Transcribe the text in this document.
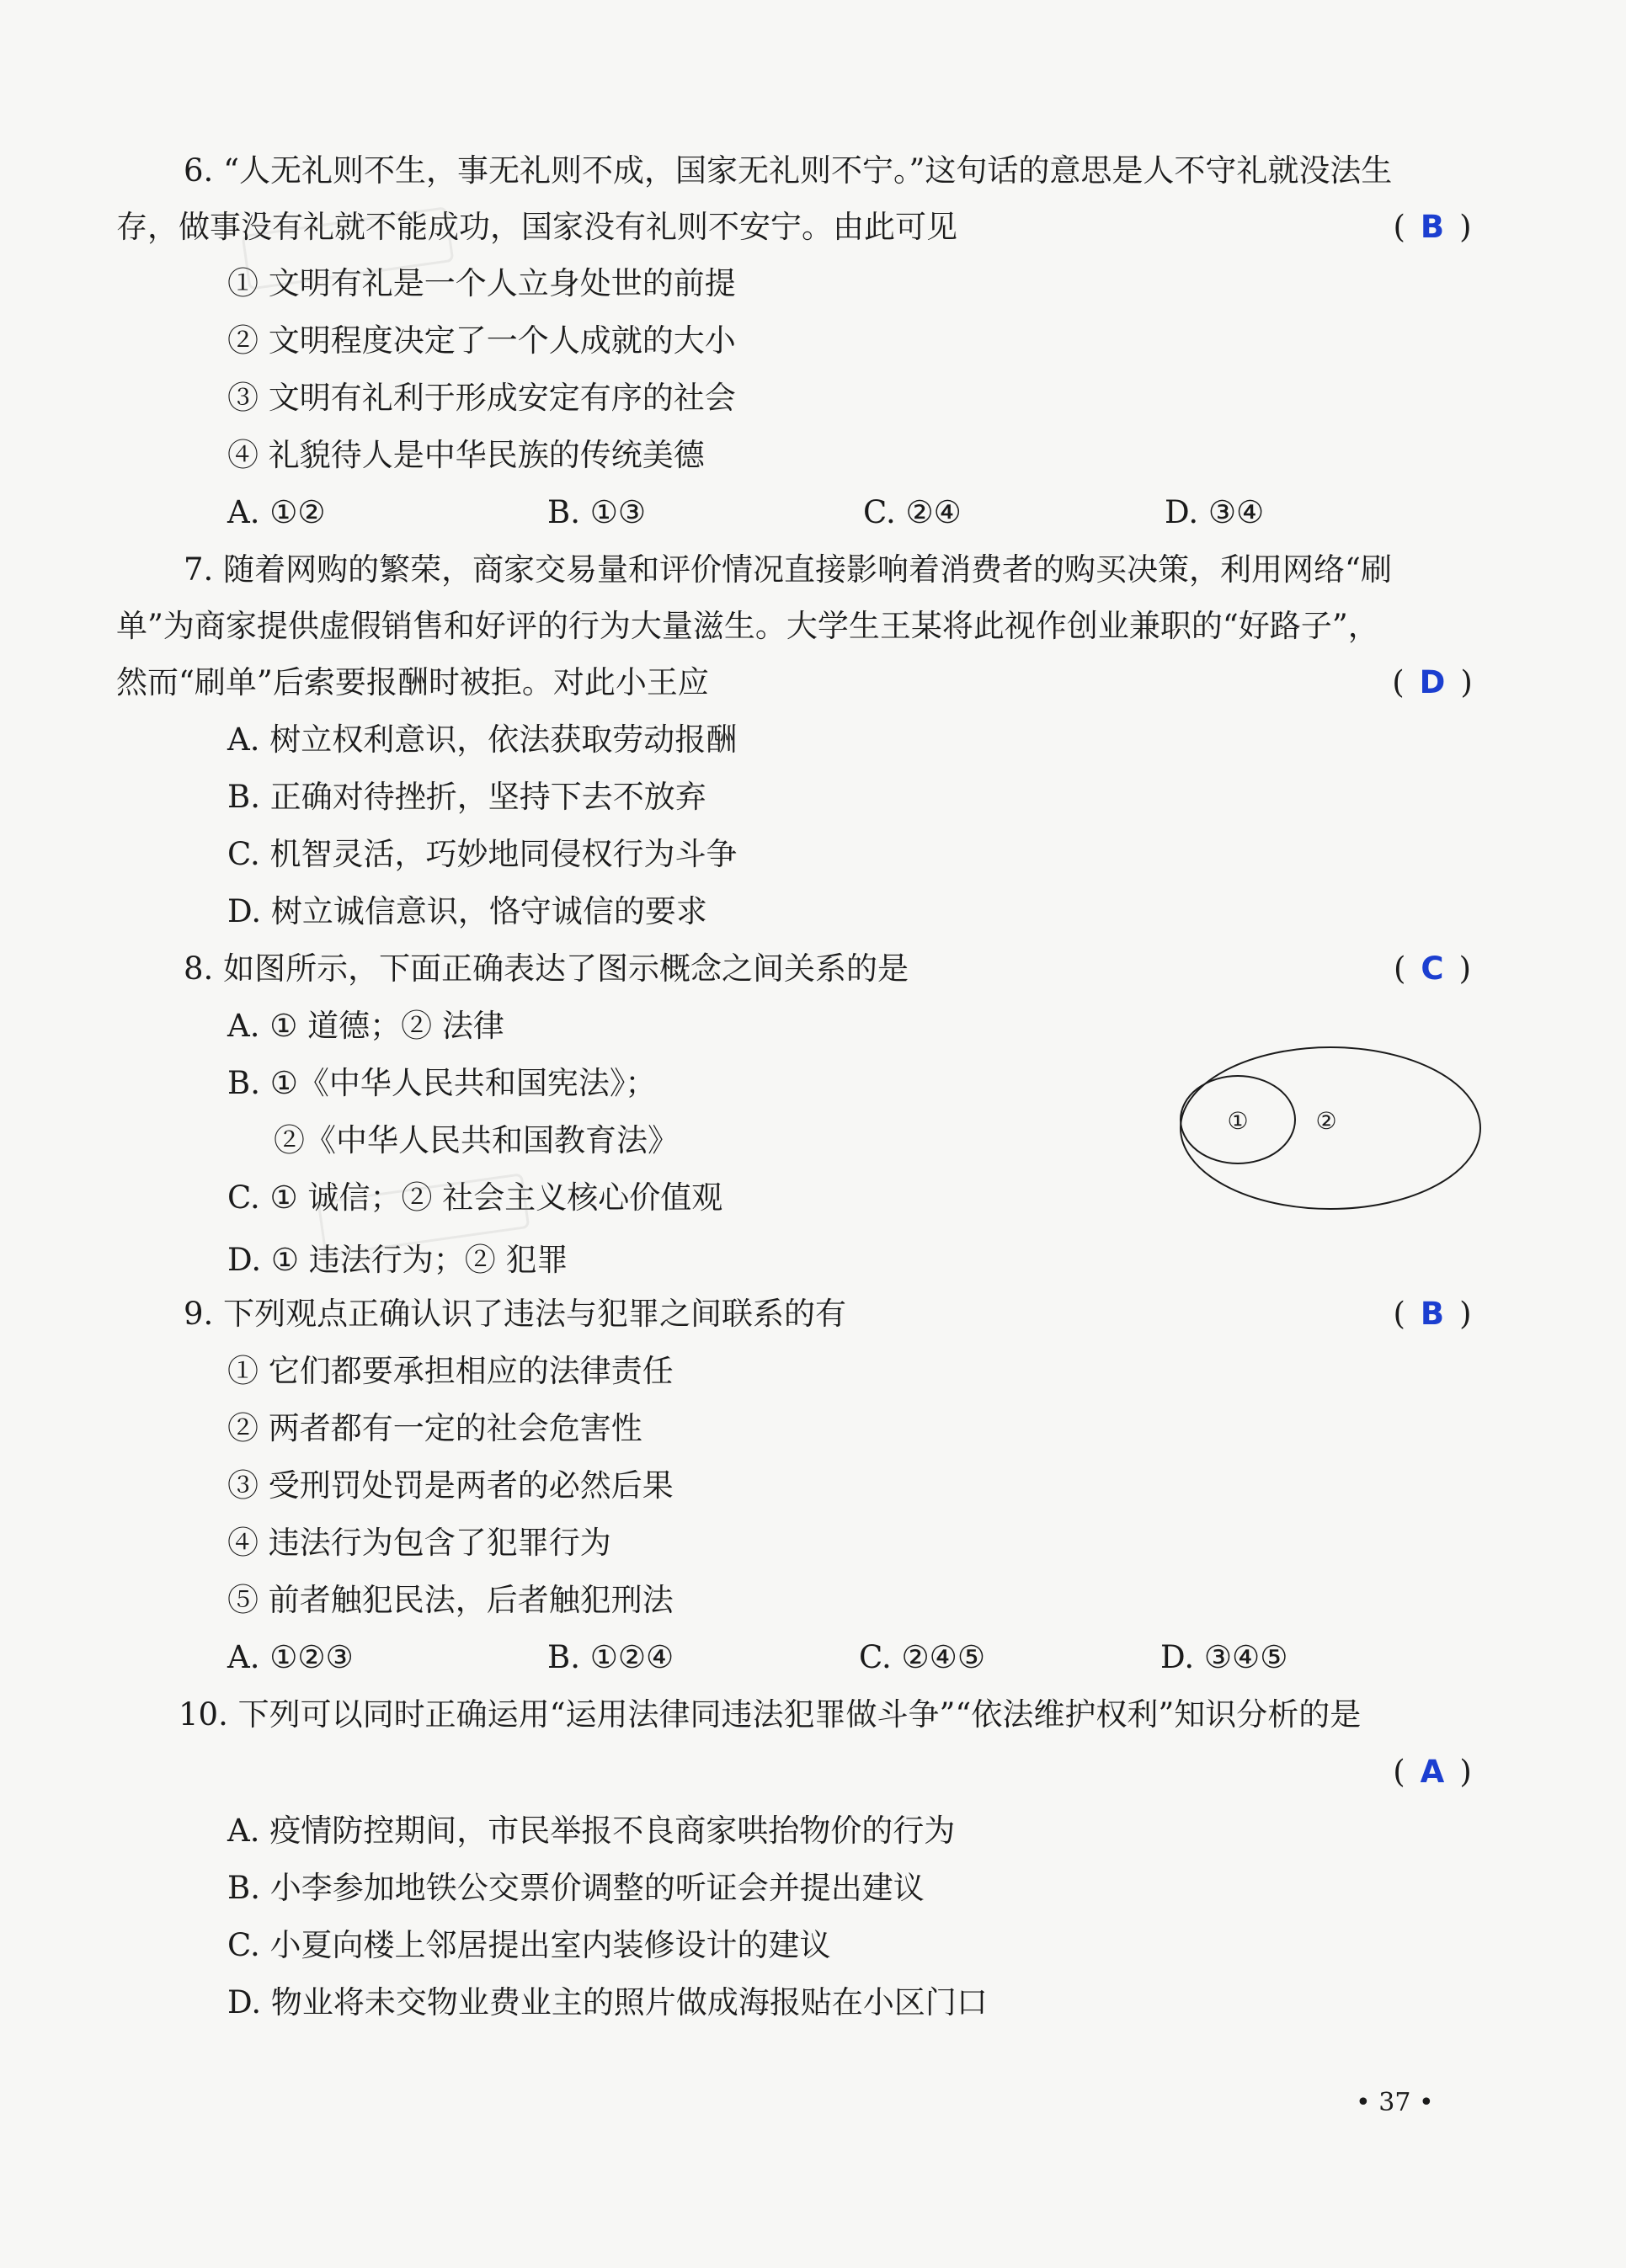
6. “人无礼则不生，事无礼则不成，国家无礼则不宁。”这句话的意思是人不守礼就没法生
存，做事没有礼就不能成功，国家没有礼则不安宁。由此可见	( B )
① 文明有礼是一个人立身处世的前提
② 文明程度决定了一个人成就的大小
③ 文明有礼利于形成安定有序的社会
④ 礼貌待人是中华民族的传统美德
A. ①②	B. ①③	C. ②④	D. ③④
7. 随着网购的繁荣，商家交易量和评价情况直接影响着消费者的购买决策，利用网络“刷
单”为商家提供虚假销售和好评的行为大量滋生。大学生王某将此视作创业兼职的“好路子”，
然而“刷单”后索要报酬时被拒。对此小王应	( D )
A. 树立权利意识，依法获取劳动报酬
B. 正确对待挫折，坚持下去不放弃
C. 机智灵活，巧妙地同侵权行为斗争
D. 树立诚信意识，恪守诚信的要求
8. 如图所示，下面正确表达了图示概念之间关系的是	( C )
A. ① 道德；② 法律
B. ①《中华人民共和国宪法》；
②《中华人民共和国教育法》
C. ① 诚信；② 社会主义核心价值观
D. ① 违法行为；② 犯罪
①	②
9. 下列观点正确认识了违法与犯罪之间联系的有	( B )
① 它们都要承担相应的法律责任
② 两者都有一定的社会危害性
③ 受刑罚处罚是两者的必然后果
④ 违法行为包含了犯罪行为
⑤ 前者触犯民法，后者触犯刑法
A. ①②③	B. ①②④	C. ②④⑤	D. ③④⑤
10. 下列可以同时正确运用“运用法律同违法犯罪做斗争”“依法维护权利”知识分析的是
( A )
A. 疫情防控期间，市民举报不良商家哄抬物价的行为
B. 小李参加地铁公交票价调整的听证会并提出建议
C. 小夏向楼上邻居提出室内装修设计的建议
D. 物业将未交物业费业主的照片做成海报贴在小区门口
• 37 •
